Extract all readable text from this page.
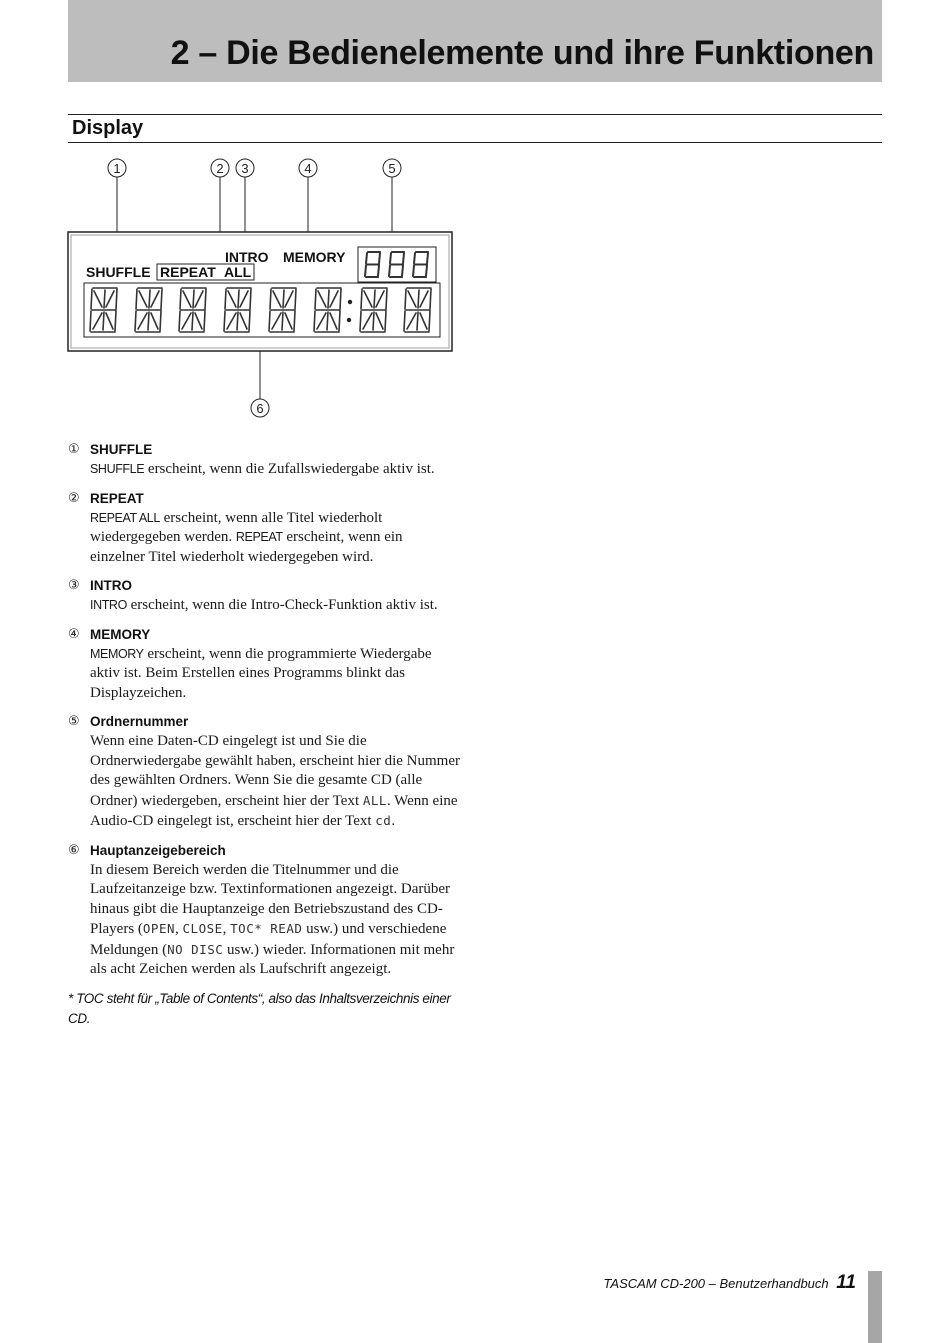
2 – Die Bedienelemente und ihre Funktionen
Display
1	2 3	4	5
6
INTRO MEMORY
SHUFFLE REPEAT ALL
① SHUFFLE

SHUFFLE erscheint, wenn die Zufallswiedergabe aktiv ist.

② REPEAT

REPEAT ALL erscheint, wenn alle Titel wiederholt wiedergegeben werden. REPEAT erscheint, wenn ein einzelner Titel wiederholt wiedergegeben wird.

③ INTRO

INTRO erscheint, wenn die Intro-Check-Funktion aktiv ist.

④ MEMORY

MEMORY erscheint, wenn die programmierte Wiedergabe aktiv ist. Beim Erstellen eines Programms blinkt das Displayzeichen.

⑤ Ordnernummer

Wenn eine Daten-CD eingelegt ist und Sie die Ordnerwiedergabe gewählt haben, erscheint hier die Nummer des gewählten Ordners. Wenn Sie die gesamte CD (alle Ordner) wiedergeben, erscheint hier der Text ALL. Wenn eine Audio-CD eingelegt ist, erscheint hier der Text cd.

⑥ Hauptanzeigebereich

In diesem Bereich werden die Titelnummer und die Laufzeitanzeige bzw. Textinformationen angezeigt. Darüber hinaus gibt die Hauptanzeige den Betriebszustand des CD-Players (OPEN, CLOSE, TOC* READ usw.) und verschiedene Meldungen (NO DISC usw.) wieder. Informationen mit mehr als acht Zeichen werden als Laufschrift angezeigt.

* TOC steht für „Table of Contents“, also das Inhaltsverzeichnis einer CD.

TASCAM CD-200 – Benutzerhandbuch 11
